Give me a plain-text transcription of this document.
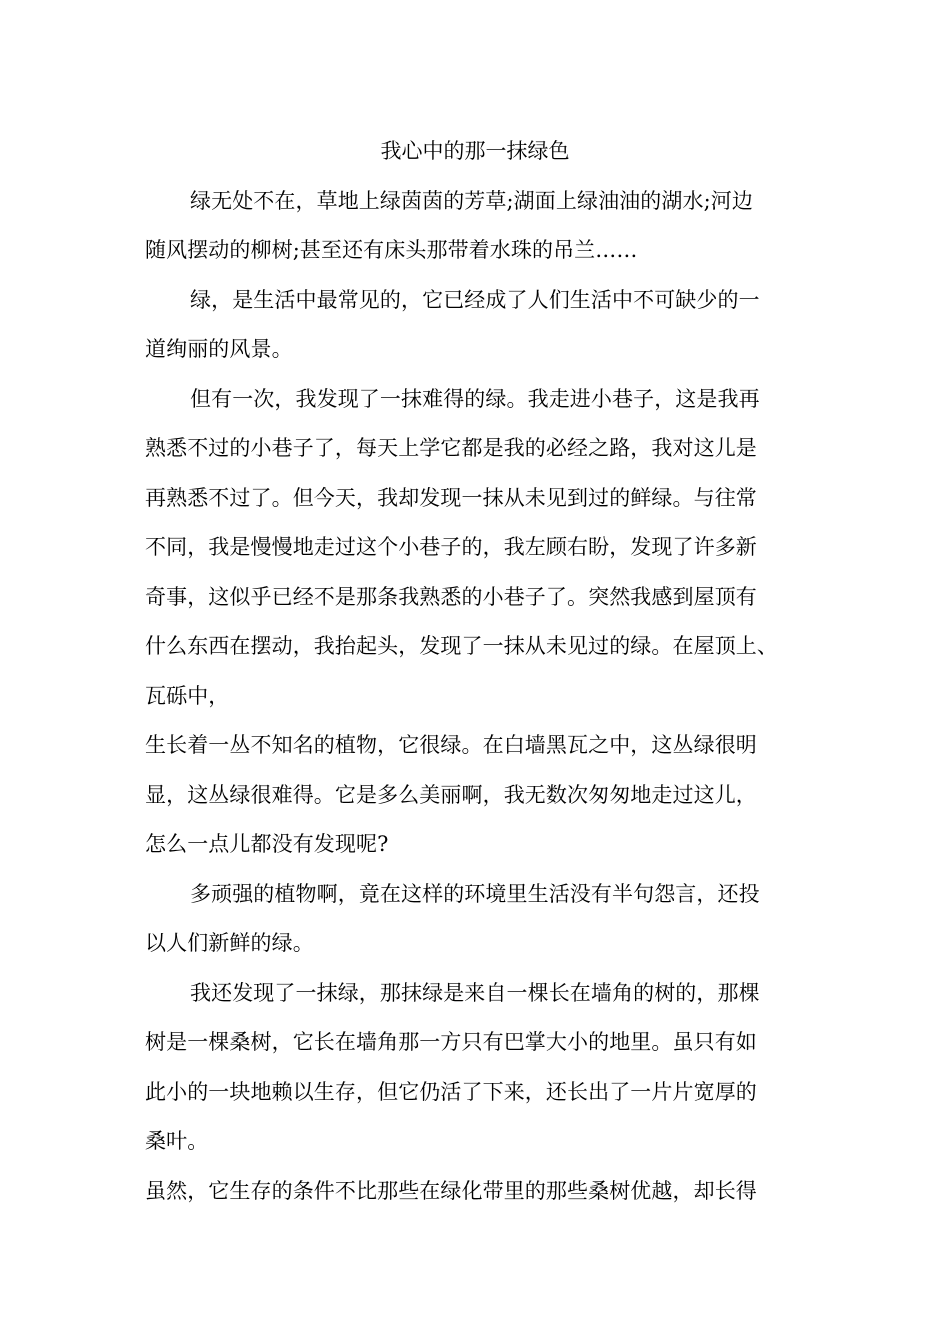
我心中的那一抹绿色
绿无处不在，草地上绿茵茵的芳草;湖面上绿油油的湖水;河边
随风摆动的柳树;甚至还有床头那带着水珠的吊兰……
绿，是生活中最常见的，它已经成了人们生活中不可缺少的一
道绚丽的风景。
但有一次，我发现了一抹难得的绿。我走进小巷子，这是我再
熟悉不过的小巷子了，每天上学它都是我的必经之路，我对这儿是
再熟悉不过了。但今天，我却发现一抹从未见到过的鲜绿。与往常
不同，我是慢慢地走过这个小巷子的，我左顾右盼，发现了许多新
奇事，这似乎已经不是那条我熟悉的小巷子了。突然我感到屋顶有
什么东西在摆动，我抬起头，发现了一抹从未见过的绿。在屋顶上、
瓦砾中，
生长着一丛不知名的植物，它很绿。在白墙黑瓦之中，这丛绿很明
显，这丛绿很难得。它是多么美丽啊，我无数次匆匆地走过这儿，
怎么一点儿都没有发现呢?
多顽强的植物啊，竟在这样的环境里生活没有半句怨言，还投
以人们新鲜的绿。
我还发现了一抹绿，那抹绿是来自一棵长在墙角的树的，那棵
树是一棵桑树，它长在墙角那一方只有巴掌大小的地里。虽只有如
此小的一块地赖以生存，但它仍活了下来，还长出了一片片宽厚的
桑叶。
虽然，它生存的条件不比那些在绿化带里的那些桑树优越，却长得
